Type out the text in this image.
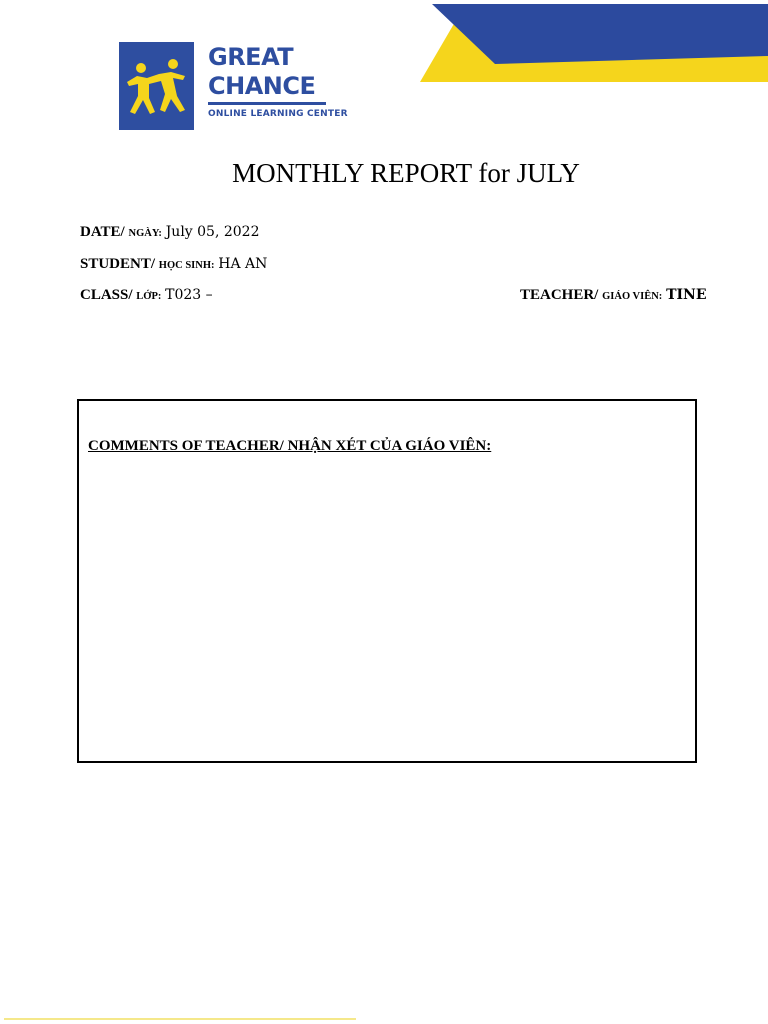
GREAT
CHANCE
ONLINE LEARNING CENTER
MONTHLY REPORT for JULY
DATE/ NGÀY: July 05, 2022
STUDENT/ HỌC SINH: HA AN
CLASS/ LỚP: T023 –	TEACHER/ GIÁO VIÊN: TINE
COMMENTS OF TEACHER/ NHẬN XÉT CỦA GIÁO VIÊN:
